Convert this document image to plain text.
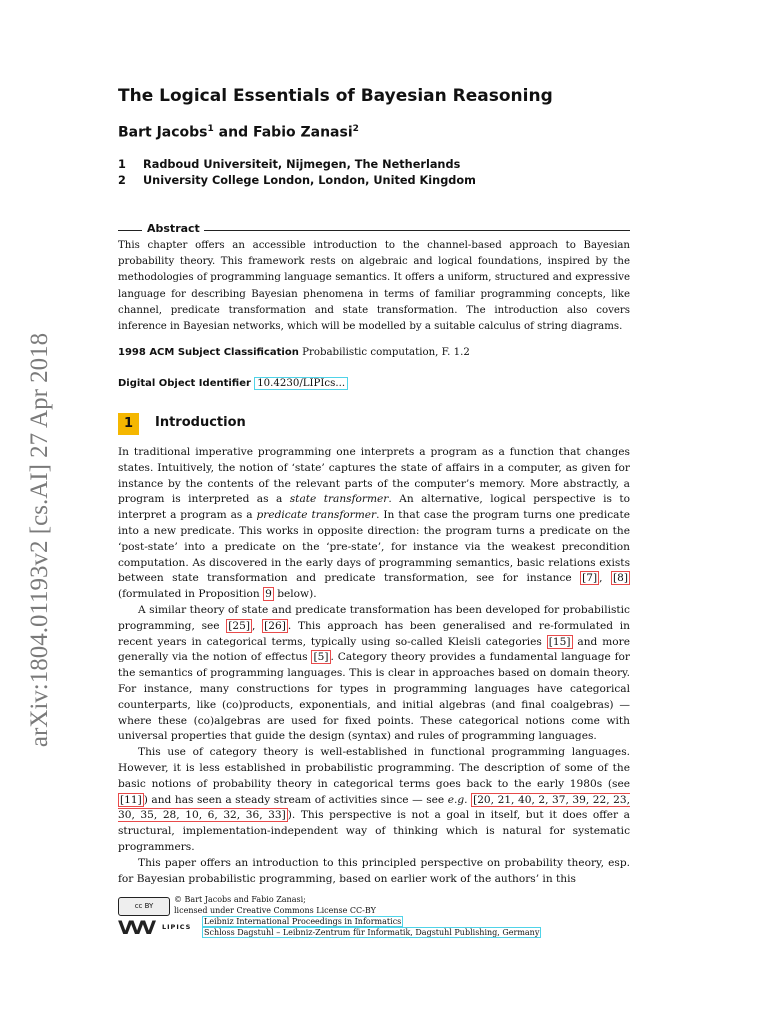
arXiv:1804.01193v2 [cs.AI] 27 Apr 2018
The Logical Essentials of Bayesian Reasoning
Bart Jacobs$^1$ and Fabio Zanasi$^2$
1 Radboud Universiteit, Nijmegen, The Netherlands
2 University College London, London, United Kingdom
Abstract
This chapter offers an accessible introduction to the channel-based approach to Bayesian probability theory. This framework rests on algebraic and logical foundations, inspired by the methodologies of programming language semantics. It offers a uniform, structured and expressive language for describing Bayesian phenomena in terms of familiar programming concepts, like channel, predicate transformation and state transformation. The introduction also covers inference in Bayesian networks, which will be modelled by a suitable calculus of string diagrams.
1998 ACM Subject Classification Probabilistic computation, F. 1.2
Digital Object Identifier 10.4230/LIPIcs...
1	Introduction

In traditional imperative programming one interprets a program as a function that changes states. Intuitively, the notion of ‘state’ captures the state of affairs in a computer, as given for instance by the contents of the relevant parts of the computer’s memory. More abstractly, a program is interpreted as a state transformer. An alternative, logical perspective is to interpret a program as a predicate transformer. In that case the program turns one predicate into a new predicate. This works in opposite direction: the program turns a predicate on the ‘post-state’ into a predicate on the ‘pre-state’, for instance via the weakest precondition computation. As discovered in the early days of programming semantics, basic relations exists between state transformation and predicate transformation, see for instance [7] , [8] (formulated in Proposition 9 below).

A similar theory of state and predicate transformation has been developed for probabilistic programming, see [25] , [26] . This approach has been generalised and re-formulated in recent years in categorical terms, typically using so-called Kleisli categories [15] and more generally via the notion of effectus [5] . Category theory provides a fundamental language for the semantics of programming languages. This is clear in approaches based on domain theory. For instance, many constructions for types in programming languages have categorical counterparts, like (co)products, exponentials, and initial algebras (and final coalgebras) — where these (co)algebras are used for fixed points. These categorical notions come with universal properties that guide the design (syntax) and rules of programming languages.

This use of category theory is well-established in functional programming languages. However, it is less established in probabilistic programming. The description of some of the basic notions of probability theory in categorical terms goes back to the early 1980s (see [11] ) and has seen a steady stream of activities since — see e.g. [20, 21, 40, 2, 37, 39, 22, 23, 30, 35, 28, 10, 6, 32, 36, 33] ). This perspective is not a goal in itself, but it does offer a structural, implementation-independent way of thinking which is natural for systematic programmers.

This paper offers an introduction to this principled perspective on probability theory, esp. for Bayesian probabilistic programming, based on earlier work of the authors’ in this

cc BY
VVV LIPICS
© Bart Jacobs and Fabio Zanasi;
licensed under Creative Commons License CC-BY
Leibniz International Proceedings in Informatics
Schloss Dagstuhl – Leibniz-Zentrum für Informatik, Dagstuhl Publishing, Germany
